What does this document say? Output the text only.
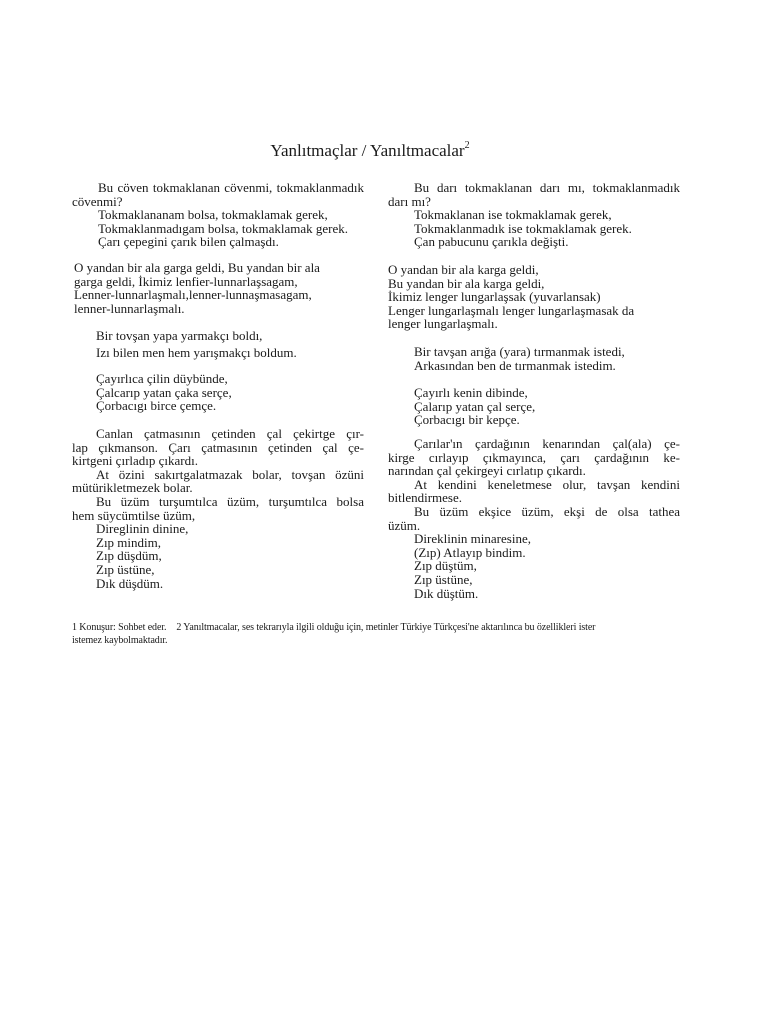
Yanlıtmaçlar / Yanıltmacalar$^2$
Bu cöven tokmaklanan cövenmi, tokmaklanmadık
cövenmi?
Tokmaklananam bolsa, tokmaklamak gerek,
Tokmaklanmadıgam bolsa, tokmaklamak gerek.
Çarı çepegini çarık bilen çalmaşdı.
O yandan bir ala garga geldi, Bu yandan bir ala
garga geldi, İkimiz lenfier-lunnarlaşsagam,
Lenner-lunnarlaşmalı,lenner-lunnaşmasagam,
lenner-lunnarlaşmalı.
Bir tovşan yapa yarmakçı boldı,
Izı bilen men hem yarışmakçı boldum.
Çayırlıca çilin düybünde,
Çalcarıp yatan çaka serçe,
Çorbacıgı birce çemçe.
Canlan çatmasının çetinden çal çekirtge çır-
lap çıkmanson. Çarı çatmasının çetinden çal çe-
kirtgeni çırladıp çıkardı.
At özini sakırtgalatmazak bolar, tovşan özüni
mütürikletmezek bolar.
Bu üzüm turşumtılca üzüm, turşumtılca bolsa
hem süycümtilse üzüm,
Direglinin dinine,
Zıp mindim,
Zıp düşdüm,
Zıp üstüne,
Dık düşdüm.
Bu darı tokmaklanan darı mı, tokmaklanmadık
darı mı?
Tokmaklanan ise tokmaklamak gerek,
Tokmaklanmadık ise tokmaklamak gerek.
Çan pabucunu çarıkla değişti.
O yandan bir ala karga geldi,
Bu yandan bir ala karga geldi,
İkimiz lenger lungarlaşsak (yuvarlansak)
Lenger lungarlaşmalı lenger lungarlaşmasak da
lenger lungarlaşmalı.
Bir tavşan arığa (yara) tırmanmak istedi,
Arkasından ben de tırmanmak istedim.
Çayırlı kenin dibinde,
Çalarıp yatan çal serçe,
Çorbacıgı bir kepçe.
Çarılar'ın çardağının kenarından çal(ala) çe-
kirge cırlayıp çıkmayınca, çarı çardağının ke-
narından çal çekirgeyi cırlatıp çıkardı.
At kendini keneletmese olur, tavşan kendini
bitlendirmese.
Bu üzüm ekşice üzüm, ekşi de olsa tathea
üzüm.
Direklinin minaresine,
(Zıp) Atlayıp bindim.
Zıp düştüm,
Zıp üstüne,
Dık düştüm.
1 Konuşur: Sohbet eder. 2 Yanıltmacalar, ses tekrarıyla ilgili olduğu için, metinler Türkiye Türkçesi'ne aktarılınca bu özellikleri ister
istemez kaybolmaktadır.
